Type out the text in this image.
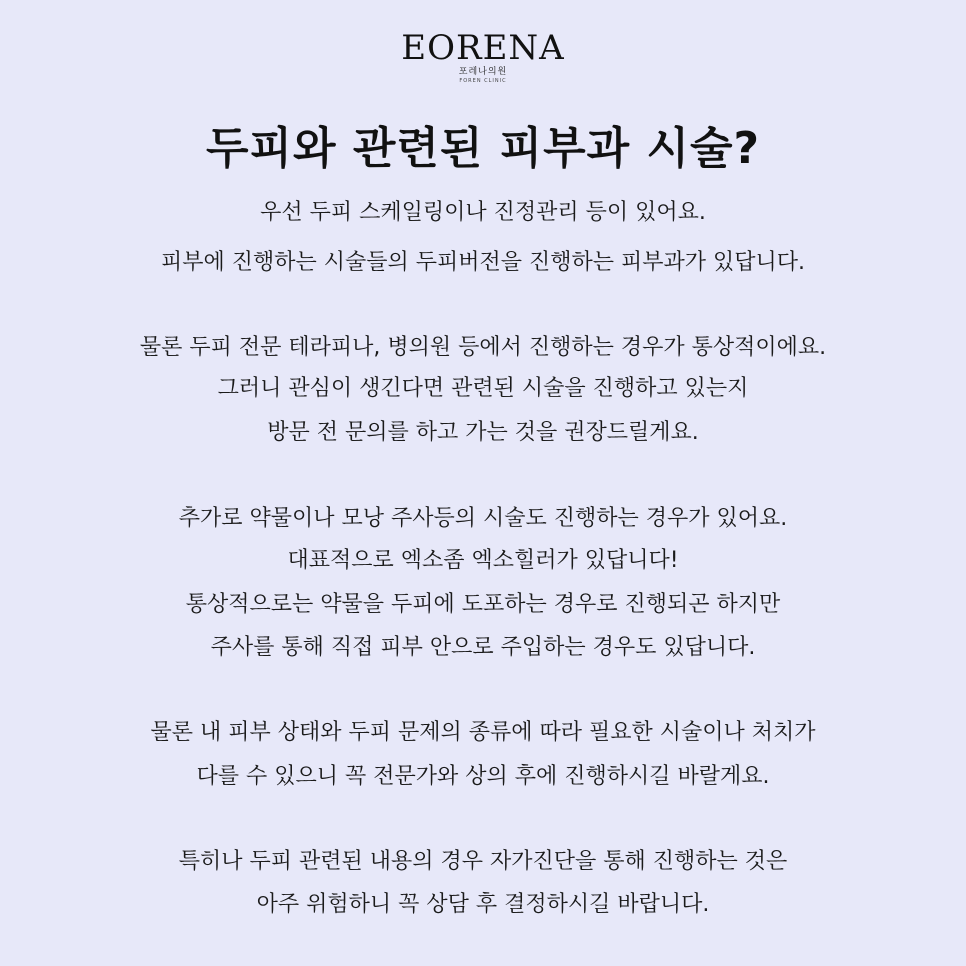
EORENA
포레나의원
FOREN CLINIC
두피와 관련된 피부과 시술?

우선 두피 스케일링이나 진정관리 등이 있어요.

피부에 진행하는 시술들의 두피버전을 진행하는 피부과가 있답니다.

물론 두피 전문 테라피나, 병의원 등에서 진행하는 경우가 통상적이에요.

그러니 관심이 생긴다면 관련된 시술을 진행하고 있는지

방문 전 문의를 하고 가는 것을 권장드릴게요.

추가로 약물이나 모낭 주사등의 시술도 진행하는 경우가 있어요.

대표적으로 엑소좀 엑소힐러가 있답니다!

통상적으로는 약물을 두피에 도포하는 경우로 진행되곤 하지만

주사를 통해 직접 피부 안으로 주입하는 경우도 있답니다.

물론 내 피부 상태와 두피 문제의 종류에 따라 필요한 시술이나 처치가

다를 수 있으니 꼭 전문가와 상의 후에 진행하시길 바랄게요.

특히나 두피 관련된 내용의 경우 자가진단을 통해 진행하는 것은

아주 위험하니 꼭 상담 후 결정하시길 바랍니다.
